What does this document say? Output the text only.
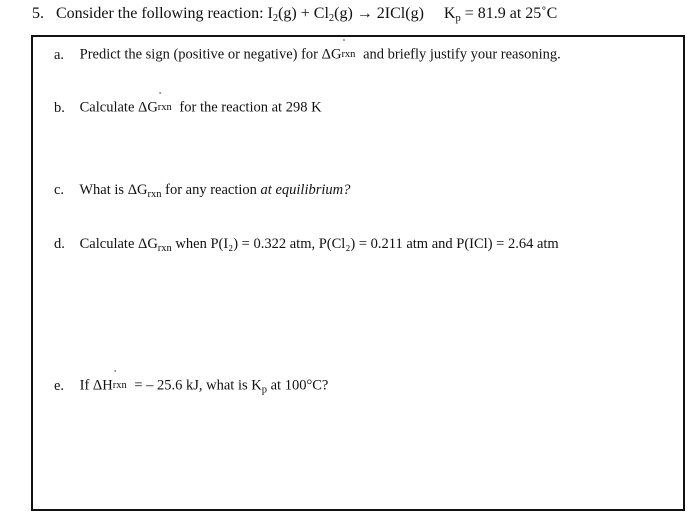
5. Consider the following reaction: $I_2(g) + Cl_2(g) \to 2ICl(g) K_p = 81.9$ at 25˚C
a. Predict the sign (positive or negative) for ΔG
˚
rxn and briefly justify your reasoning.
b. Calculate ΔG
˚
rxn for the reaction at 298 K
c. What is $\Delta G_{rxn}$ for any reaction at equilibrium?
d. Calculate $\Delta G_{rxn}$ when P(I₂) = 0.322 atm, P(Cl₂) = 0.211 atm and P(ICl) = 2.64 atm
e. If ΔH
˚
rxn = – 25.6 kJ, what is $K_p$ at 100°C?
